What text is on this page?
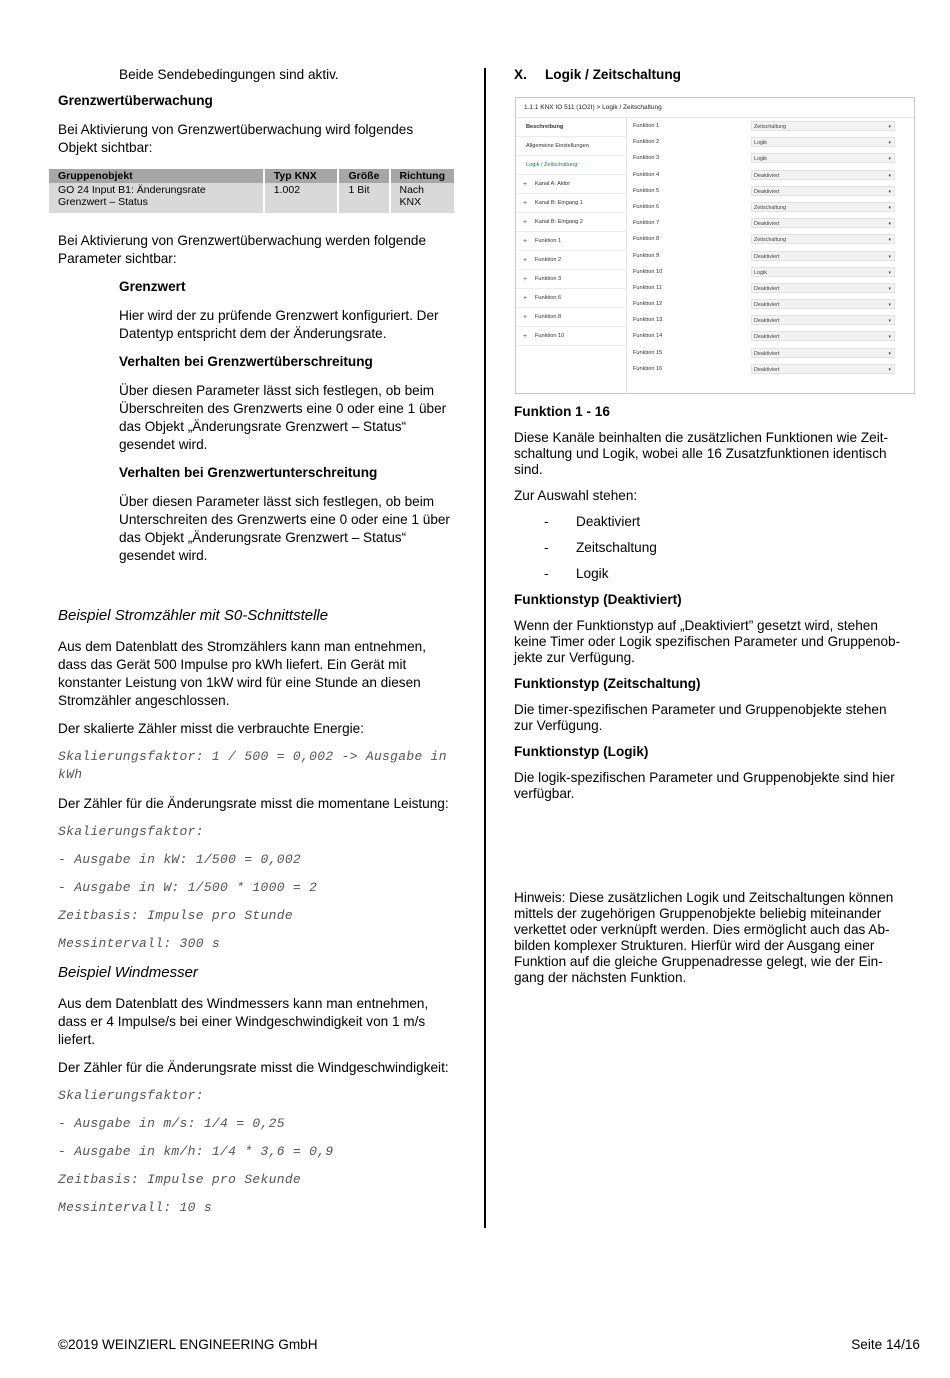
Beide Sendebedingungen sind aktiv.

Grenzwertüberwachung

Bei Aktivierung von Grenzwertüberwachung wird folgendes Objekt sichtbar:

Gruppenobjekt	Typ KNX	Größe	Richtung
GO 24 Input B1: Änderungsrate Grenzwert – Status	1.002	1 Bit	Nach KNX

Bei Aktivierung von Grenzwertüberwachung werden folgende Parameter sichtbar:

Grenzwert

Hier wird der zu prüfende Grenzwert konfiguriert. Der Datentyp entspricht dem der Änderungsrate.

Verhalten bei Grenzwertüberschreitung

Über diesen Parameter lässt sich festlegen, ob beim Überschreiten des Grenzwerts eine 0 oder eine 1 über das Objekt „Änderungsrate Grenzwert – Status“ gesendet wird.

Verhalten bei Grenzwertunterschreitung

Über diesen Parameter lässt sich festlegen, ob beim Unterschreiten des Grenzwerts eine 0 oder eine 1 über das Objekt „Änderungsrate Grenzwert – Status“ gesendet wird.

Beispiel Stromzähler mit S0-Schnittstelle

Aus dem Datenblatt des Stromzählers kann man entnehmen, dass das Gerät 500 Impulse pro kWh liefert. Ein Gerät mit konstanter Leistung von 1kW wird für eine Stunde an diesen Stromzähler angeschlossen.

Der skalierte Zähler misst die verbrauchte Energie:

Skalierungsfaktor: 1 / 500 = 0,002 -> Ausgabe in kWh

Der Zähler für die Änderungsrate misst die momentane Leistung:

Skalierungsfaktor:

- Ausgabe in kW: 1/500 = 0,002

- Ausgabe in W: 1/500 * 1000 = 2

Zeitbasis: Impulse pro Stunde

Messintervall: 300 s

Beispiel Windmesser

Aus dem Datenblatt des Windmessers kann man entnehmen, dass er 4 Impulse/s bei einer Windgeschwindigkeit von 1 m/s liefert.

Der Zähler für die Änderungsrate misst die Windgeschwindigkeit:

Skalierungsfaktor:

- Ausgabe in m/s: 1/4 = 0,25

- Ausgabe in km/h: 1/4 * 3,6 = 0,9

Zeitbasis: Impulse pro Sekunde

Messintervall: 10 s

X. Logik / Zeitschaltung

1.1.1 KNX IO 511 (1O2I) > Logik / Zeitschaltung
Beschreibung
Allgemeine Einstellungen
Logik / Zeitschaltung
+ Kanal A: Aktor
+ Kanal B: Eingang 1
+ Kanal B: Eingang 2
+ Funktion 1
+ Funktion 2
+ Funktion 3
+ Funktion 6
+ Funktion 8
+ Funktion 10
Funktion 1	Zeitschaltung	▾
Funktion 2	Logik	▾
Funktion 3	Logik	▾
Funktion 4	Deaktiviert	▾
Funktion 5	Deaktiviert	▾
Funktion 6	Zeitschaltung	▾
Funktion 7	Deaktiviert	▾
Funktion 8	Zeitschaltung	▾
Funktion 9	Deaktiviert	▾
Funktion 10	Logik	▾
Funktion 11	Deaktiviert	▾
Funktion 12	Deaktiviert	▾
Funktion 13	Deaktiviert	▾
Funktion 14	Deaktiviert	▾
Funktion 15	Deaktiviert	▾
Funktion 16	Deaktiviert	▾

Funktion 1 - 16

Diese Kanäle beinhalten die zusätzlichen Funktionen wie Zeit-schaltung und Logik, wobei alle 16 Zusatzfunktionen identisch sind.

Zur Auswahl stehen:

- Deaktiviert
- Zeitschaltung
- Logik

Funktionstyp (Deaktiviert)

Wenn der Funktionstyp auf „Deaktiviert” gesetzt wird, stehen keine Timer oder Logik spezifischen Parameter und Gruppenob-jekte zur Verfügung.

Funktionstyp (Zeitschaltung)

Die timer-spezifischen Parameter und Gruppenobjekte stehen zur Verfügung.

Funktionstyp (Logik)

Die logik-spezifischen Parameter und Gruppenobjekte sind hier verfügbar.

Hinweis: Diese zusätzlichen Logik und Zeitschaltungen können mittels der zugehörigen Gruppenobjekte beliebig miteinander verkettet oder verknüpft werden. Dies ermöglicht auch das Ab-bilden komplexer Strukturen. Hierfür wird der Ausgang einer Funktion auf die gleiche Gruppenadresse gelegt, wie der Ein-gang der nächsten Funktion.

©2019 WEINZIERL ENGINEERING GmbH	Seite 14/16
